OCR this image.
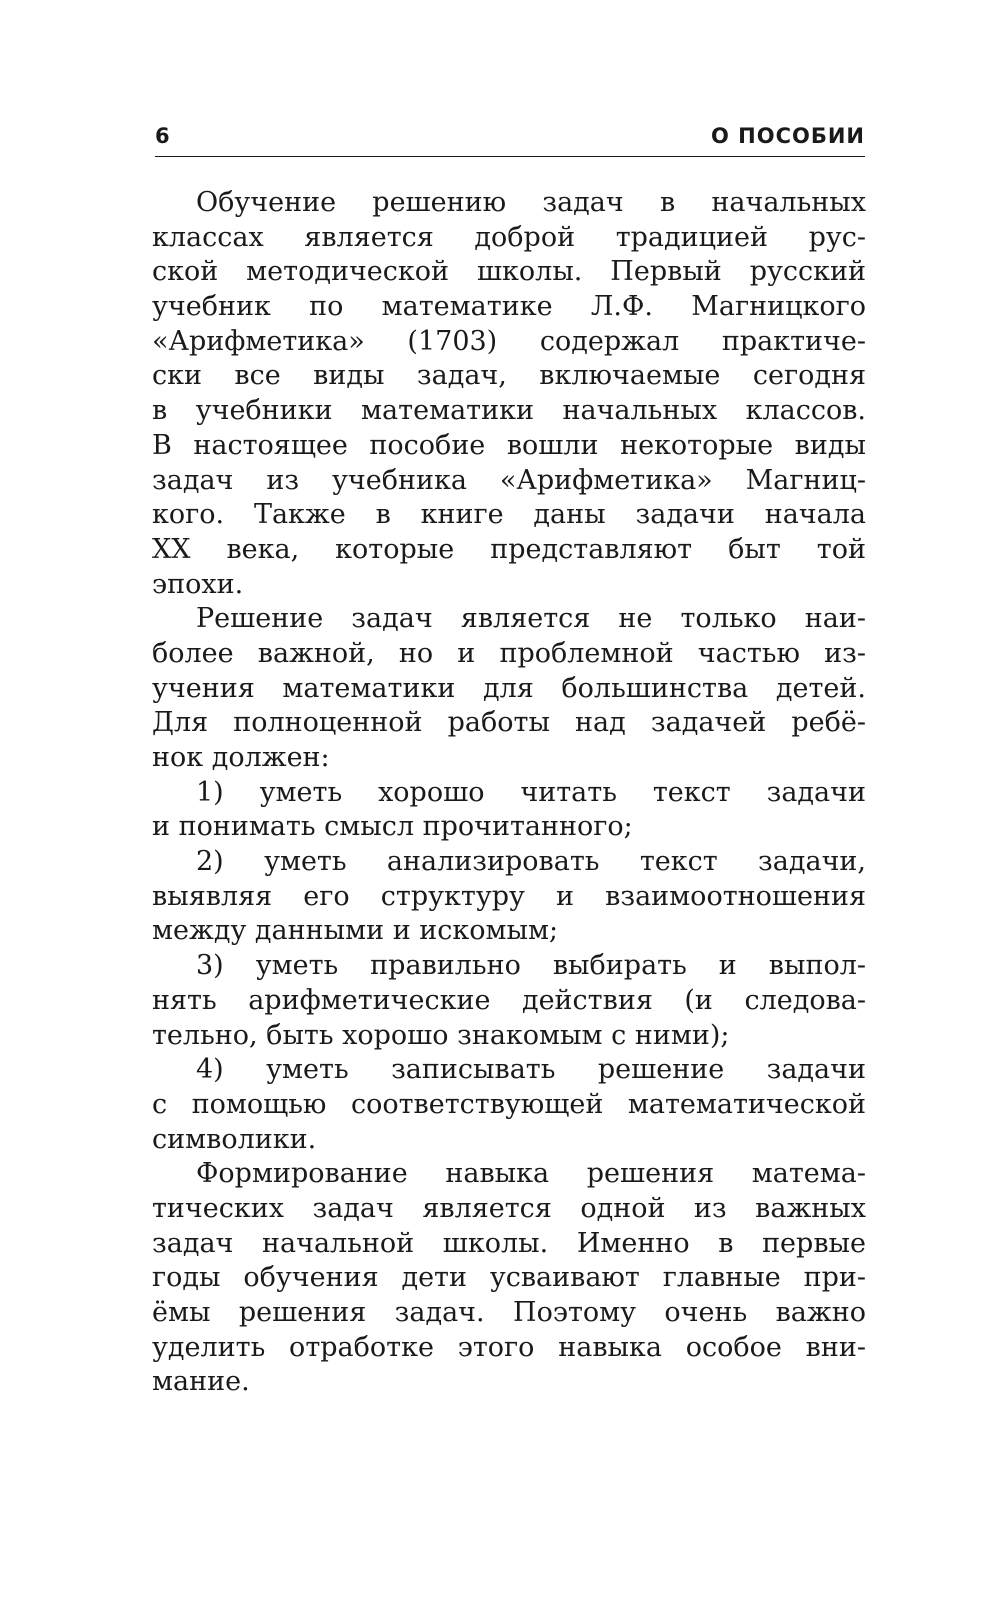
6	О ПОСОБИИ
Обучение решению задач в начальных
классах является доброй традицией рус-
ской методической школы. Первый русский
учебник по математике Л.Ф. Магницкого
«Арифметика» (1703) содержал практиче-
ски все виды задач, включаемые сегодня
в учебники математики начальных классов.
В настоящее пособие вошли некоторые виды
задач из учебника «Арифметика» Магниц-
кого. Также в книге даны задачи начала
XX века, которые представляют быт той
эпохи.
Решение задач является не только наи-
более важной, но и проблемной частью из-
учения математики для большинства детей.
Для полноценной работы над задачей ребё-
нок должен:
1) уметь хорошо читать текст задачи
и понимать смысл прочитанного;
2) уметь анализировать текст задачи,
выявляя его структуру и взаимоотношения
между данными и искомым;
3) уметь правильно выбирать и выпол-
нять арифметические действия (и следова-
тельно, быть хорошо знакомым с ними);
4) уметь записывать решение задачи
с помощью соответствующей математической
символики.
Формирование навыка решения матема-
тических задач является одной из важных
задач начальной школы. Именно в первые
годы обучения дети усваивают главные при-
ёмы решения задач. Поэтому очень важно
уделить отработке этого навыка особое вни-
мание.
